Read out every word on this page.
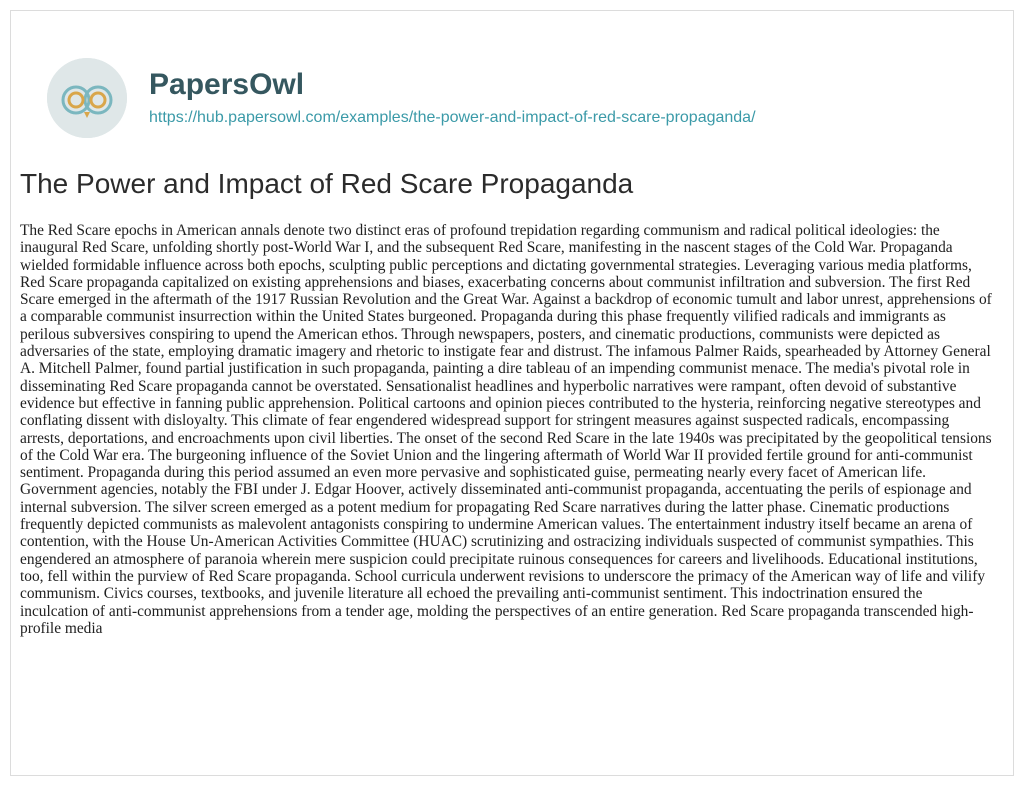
PapersOwl
https://hub.papersowl.com/examples/the-power-and-impact-of-red-scare-propaganda/
The Power and Impact of Red Scare Propaganda

The Red Scare epochs in American annals denote two distinct eras of profound trepidation regarding communism and radical political ideologies: the inaugural Red Scare, unfolding shortly post-World War I, and the subsequent Red Scare, manifesting in the nascent stages of the Cold War. Propaganda wielded formidable influence across both epochs, sculpting public perceptions and dictating governmental strategies. Leveraging various media platforms, Red Scare propaganda capitalized on existing apprehensions and biases, exacerbating concerns about communist infiltration and subversion. The first Red Scare emerged in the aftermath of the 1917 Russian Revolution and the Great War. Against a backdrop of economic tumult and labor unrest, apprehensions of a comparable communist insurrection within the United States burgeoned. Propaganda during this phase frequently vilified radicals and immigrants as perilous subversives conspiring to upend the American ethos. Through newspapers, posters, and cinematic productions, communists were depicted as adversaries of the state, employing dramatic imagery and rhetoric to instigate fear and distrust. The infamous Palmer Raids, spearheaded by Attorney General A. Mitchell Palmer, found partial justification in such propaganda, painting a dire tableau of an impending communist menace. The media's pivotal role in disseminating Red Scare propaganda cannot be overstated. Sensationalist headlines and hyperbolic narratives were rampant, often devoid of substantive evidence but effective in fanning public apprehension. Political cartoons and opinion pieces contributed to the hysteria, reinforcing negative stereotypes and conflating dissent with disloyalty. This climate of fear engendered widespread support for stringent measures against suspected radicals, encompassing arrests, deportations, and encroachments upon civil liberties. The onset of the second Red Scare in the late 1940s was precipitated by the geopolitical tensions of the Cold War era. The burgeoning influence of the Soviet Union and the lingering aftermath of World War II provided fertile ground for anti-communist sentiment. Propaganda during this period assumed an even more pervasive and sophisticated guise, permeating nearly every facet of American life. Government agencies, notably the FBI under J. Edgar Hoover, actively disseminated anti-communist propaganda, accentuating the perils of espionage and internal subversion. The silver screen emerged as a potent medium for propagating Red Scare narratives during the latter phase. Cinematic productions frequently depicted communists as malevolent antagonists conspiring to undermine American values. The entertainment industry itself became an arena of contention, with the House Un-American Activities Committee (HUAC) scrutinizing and ostracizing individuals suspected of communist sympathies. This engendered an atmosphere of paranoia wherein mere suspicion could precipitate ruinous consequences for careers and livelihoods. Educational institutions, too, fell within the purview of Red Scare propaganda. School curricula underwent revisions to underscore the primacy of the American way of life and vilify communism. Civics courses, textbooks, and juvenile literature all echoed the prevailing anti-communist sentiment. This indoctrination ensured the inculcation of anti-communist apprehensions from a tender age, molding the perspectives of an entire generation. Red Scare propaganda transcended high-profile media
